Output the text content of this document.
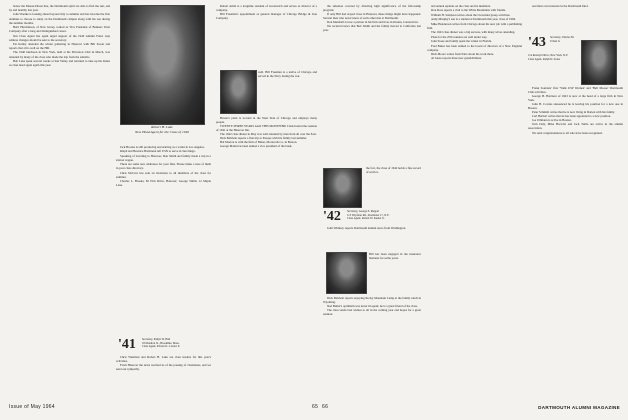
below the Mason-Dixon line, the Dartmouth spirit are able to find the sun, and by and healthy last year.

John Waelke is looking ahead beyond July to summer and has become the first alumnus to choose to study on the Dartmouth campus along with his son during the summer months.

Herb Hutchinson, of New Jersey, retired as Vice President of Bankers Trust Company after a long and distinguished career.

Our Class Agent has again urged support of the 1940 Alumni Fund. Any address changes should be sent to the secretary.

Pat Kelley attended the winter gathering in Hanover with Bill Sweet and reports that all is well on the Hill.

The 1940 luncheon in New York, held at the Princeton Club in March, was attended by many of the class who made the trip from the suburbs.

Bob Lake spent several weeks at Sun Valley and returned to take up his duties as class head agent again this year.

Robert H. Lake
New Head Agent for the Class of 1940

Jack Brooks is still producing and starring as a writer in Los Angeles.

Ralph and Beatrice Hartmann left USN to serve in San Diego.

Speaking of traveling to Hanover, Don Smith and family made a trip in a station wagon.

There are some new addresses for your files. Please make a note of them in your class directory.

Chris McCrea has sent an invitation to all members of the class for summer.

Charles L. Brooks, 82 Elm Drive, Hanover; George Smith, 12 Maple Lane.

'41 Secretary, Pailyn W. Hall
18 Moulton St., Brookline, Mass.
Class Agent, Edward L. Larner Jr.

Chris Weisman and Robert H. Lake are class leaders for this year's activities.

From Hanover the news reached us of the passing of classmates, and we send our sympathy.

Robert Amdt is a longtime resident of Greenwich and serves as director of a company.

Bill Freeman's appointment as general manager of Chicago Bridge & Iron Company.

well. Bill Freeman is a native of Chicago and served in the Navy during the war.

Baxter's plant is located in the West Side of Chicago and employs many people.

TWENTY-THREE YEARS AGO THIS MONTH Bill Clark hosted the reunion of 1941 at the Hanover Inn.

The 1942 class dinner in May was well attended by men from all over the East.

Dick Baldwin reports a fine trip to Europe with his family last summer.

Hal Morton is with the firm of Baker, Morton & Co. in Boston.

George Mann has been named a vice president of the bank.

the situation covered by directing high significance of the fellowship program.

If only Bill had stayed close in Hanover, these things might have happened. Several men who never knew of each other met at Dartmouth.

Don Marshall is now a partner in his firm and lives in Darien, Connecticut.

We received news that Bob Smith and his family moved to California last year.

the fact, the class of 1942 holds a fine record of service.

'42 Secretary, George E. Ruppel
115 Wayfarer Rd., Rochester 17, N.Y.
Class Agent, Robert W. Keeler Jr.

John Whitney reports Dartmouth alumni news from Washington.

Bill has been engaged in the insurance business for some years.

Dick Baldwin reports enjoying Rocky Mountain Camp at the family ranch in Wyoming.

Ned Butler's optimism was never ill-spent; he is a great friend of the class.

The class sends best wishes to all in the coming year and hopes for a great reunion.

and annual updates on the class and its members.

Don Ross reports a visit to the White Mountains with friends.

William H. Sampson writes about the Cleveland group activities.

Andy Murphy's son is a student at Dartmouth this year, class of 1966.

Mike Henderson writes from Chicago about his new job with a publishing firm.

The 1943 class dinner was a big success, with many wives attending.

Plans for the 25th reunion are well under way.

John Stone and family spent the winter in Florida.

Fred Baker has been named to the board of directors of a New England company.

Dick Moore writes from Paris about his work there.

Al Jones reports three new grandchildren.

and their own interests in the Dartmouth fund.

'43 Secretary, Charles M. Urban Jr.
114 Rosslyn Drive, New York, N.Y.
Class Agent, Ralph D. Stone

Frank Soulders' first 'Walk USP Women' and 'Bull Moose' Dartmouth Club activities.

George B. Harrison of 1943 is now at the head of a large firm in New York.

John H. Cowles announced he is leaving his position for a new one in Boston.

Peter Schmidt writes that he is now living in Darien with his family.

Carl Herbert writes that he has been appointed to a new position.

Joe Ullmann is active in Boston.

Tom Daly, Mike Horwitz and Jack Tuttle are active in the alumni association.

We send congratulations to all who have been recognized.

Issue of May 1964	65 66	DARTMOUTH ALUMNI MAGAZINE
